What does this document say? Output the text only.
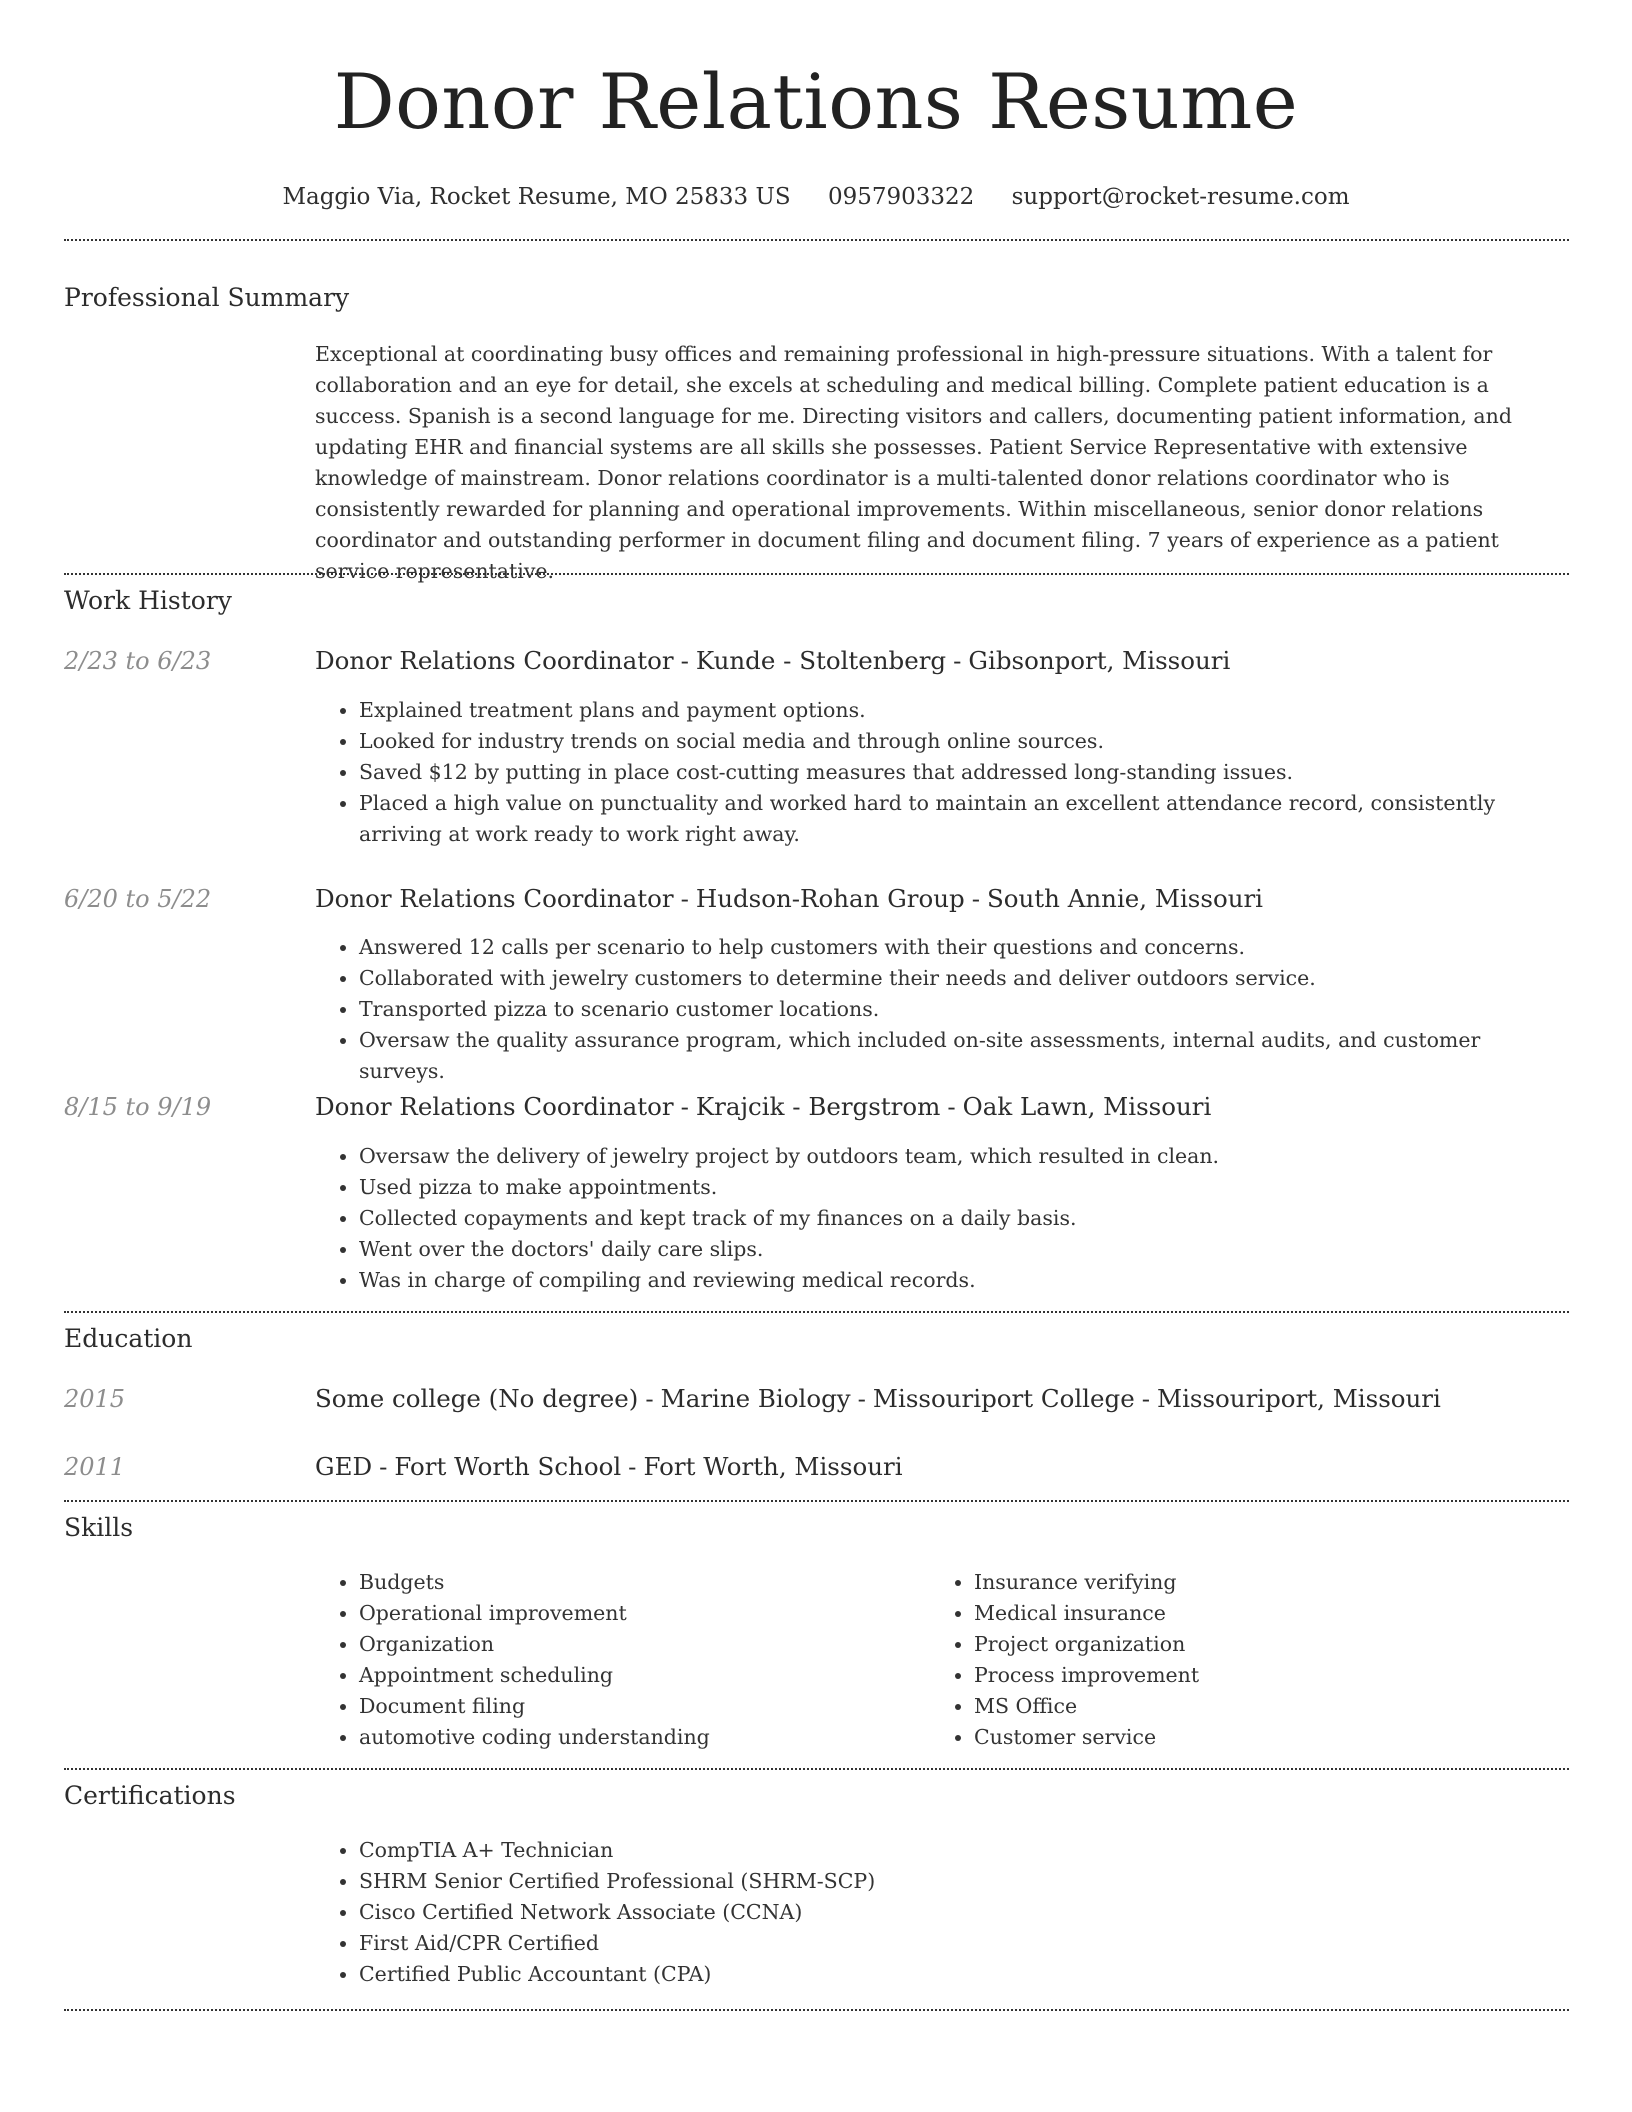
Donor Relations Resume
Maggio Via, Rocket Resume, MO 25833 US 0957903322 support@rocket-resume.com
Professional Summary

Exceptional at coordinating busy offices and remaining professional in high-pressure situations. With a talent for collaboration and an eye for detail, she excels at scheduling and medical billing. Complete patient education is a success. Spanish is a second language for me. Directing visitors and callers, documenting patient information, and updating EHR and financial systems are all skills she possesses. Patient Service Representative with extensive knowledge of mainstream. Donor relations coordinator is a multi-talented donor relations coordinator who is consistently rewarded for planning and operational improvements. Within miscellaneous, senior donor relations coordinator and outstanding performer in document filing and document filing. 7 years of experience as a patient service representative.

Work History
2/23 to 6/23	Donor Relations Coordinator - Kunde - Stoltenberg - Gibsonport, Missouri
• Explained treatment plans and payment options.
• Looked for industry trends on social media and through online sources.
• Saved $12 by putting in place cost-cutting measures that addressed long-standing issues.
• Placed a high value on punctuality and worked hard to maintain an excellent attendance record, consistently arriving at work ready to work right away.
6/20 to 5/22	Donor Relations Coordinator - Hudson-Rohan Group - South Annie, Missouri
• Answered 12 calls per scenario to help customers with their questions and concerns.
• Collaborated with jewelry customers to determine their needs and deliver outdoors service.
• Transported pizza to scenario customer locations.
• Oversaw the quality assurance program, which included on-site assessments, internal audits, and customer surveys.
8/15 to 9/19	Donor Relations Coordinator - Krajcik - Bergstrom - Oak Lawn, Missouri
• Oversaw the delivery of jewelry project by outdoors team, which resulted in clean.
• Used pizza to make appointments.
• Collected copayments and kept track of my finances on a daily basis.
• Went over the doctors' daily care slips.
• Was in charge of compiling and reviewing medical records.
Education
2015	Some college (No degree) - Marine Biology - Missouriport College - Missouriport, Missouri
2011	GED - Fort Worth School - Fort Worth, Missouri
Skills
• Budgets
• Operational improvement
• Organization
• Appointment scheduling
• Document filing
• automotive coding understanding
• Insurance verifying
• Medical insurance
• Project organization
• Process improvement
• MS Office
• Customer service
Certifications
• CompTIA A+ Technician
• SHRM Senior Certified Professional (SHRM-SCP)
• Cisco Certified Network Associate (CCNA)
• First Aid/CPR Certified
• Certified Public Accountant (CPA)
